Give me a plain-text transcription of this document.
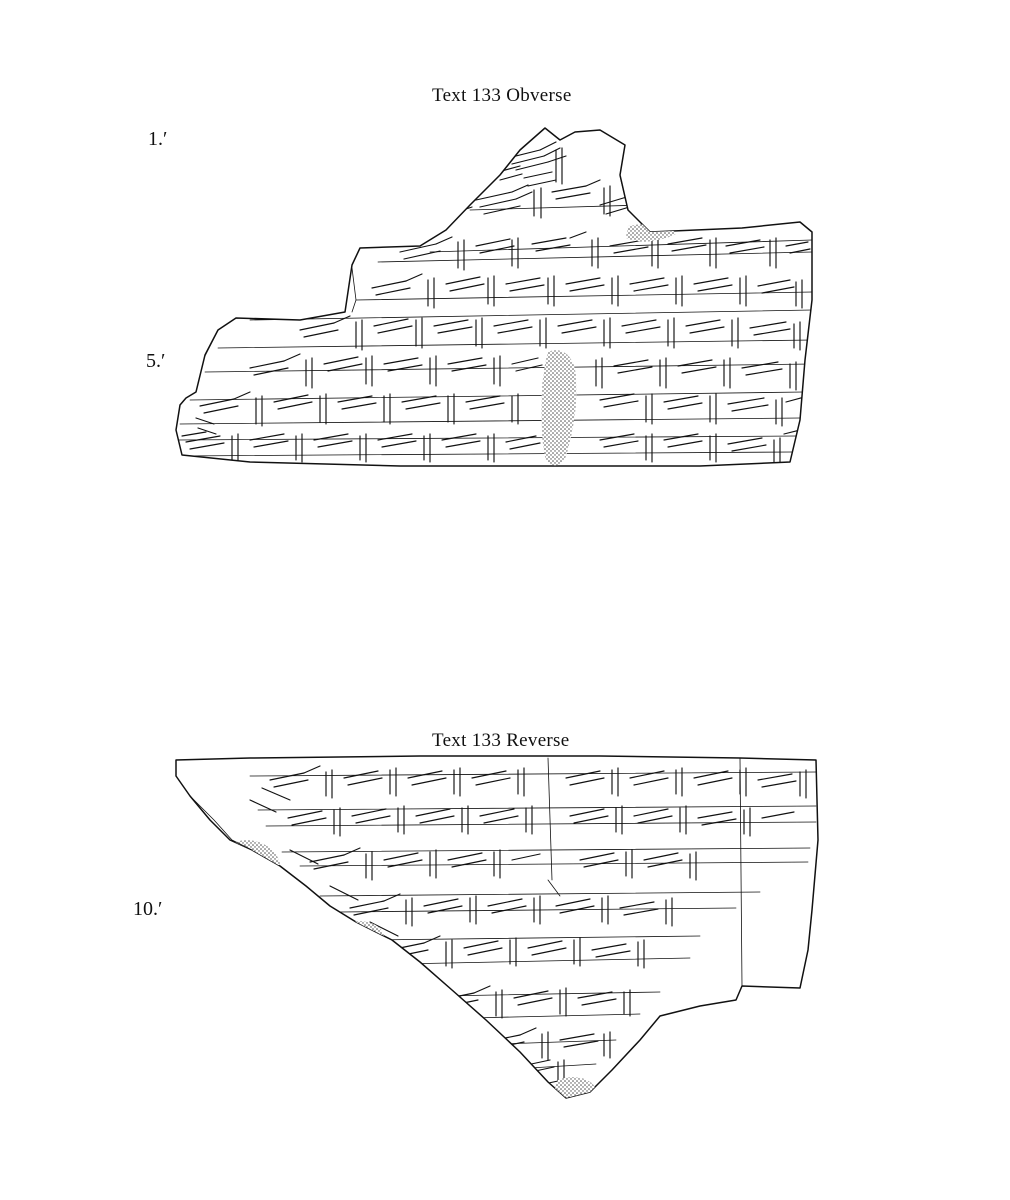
Text 133 Obverse
1.′
5.′
Text 133 Reverse
10.′
